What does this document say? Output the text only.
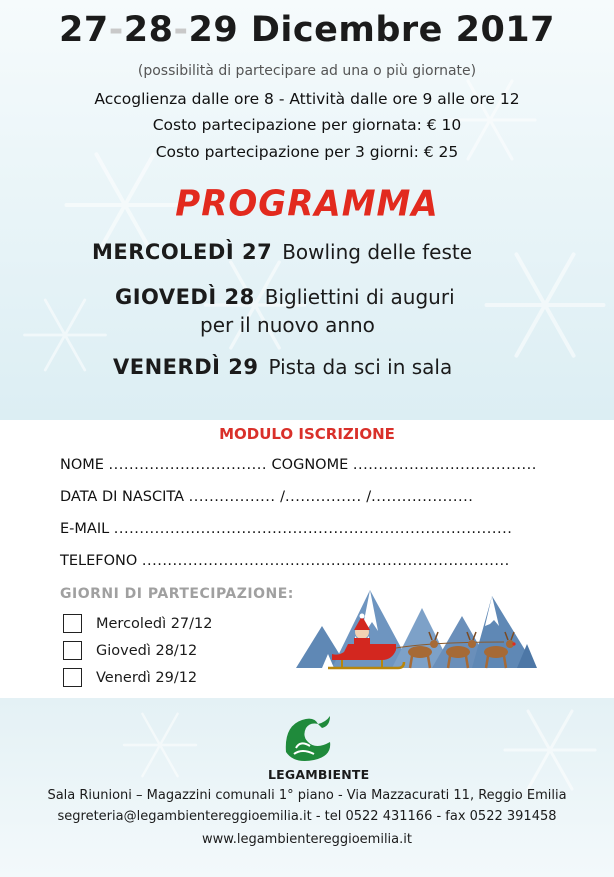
27-28-29 Dicembre 2017
(possibilità di partecipare ad una o più giornate)
Accoglienza dalle ore 8 - Attività dalle ore 9 alle ore 12
Costo partecipazione per giornata: € 10
Costo partecipazione per 3 giorni: € 25
PROGRAMMA
MERCOLEDÌ 27 Bowling delle feste
GIOVEDÌ 28 Bigliettini di auguri
per il nuovo anno
VENERDÌ 29 Pista da sci in sala
MODULO ISCRIZIONE
NOME ............................... COGNOME ....................................
DATA DI NASCITA ................. /............... /....................
E-MAIL ..............................................................................
TELEFONO ........................................................................
GIORNI DI PARTECIPAZIONE:
Mercoledì 27/12
Giovedì 28/12
Venerdì 29/12
LEGAMBIENTE
Sala Riunioni – Magazzini comunali 1° piano - Via Mazzacurati 11, Reggio Emilia
segreteria@legambientereggioemilia.it - tel 0522 431166 - fax 0522 391458
www.legambientereggioemilia.it
